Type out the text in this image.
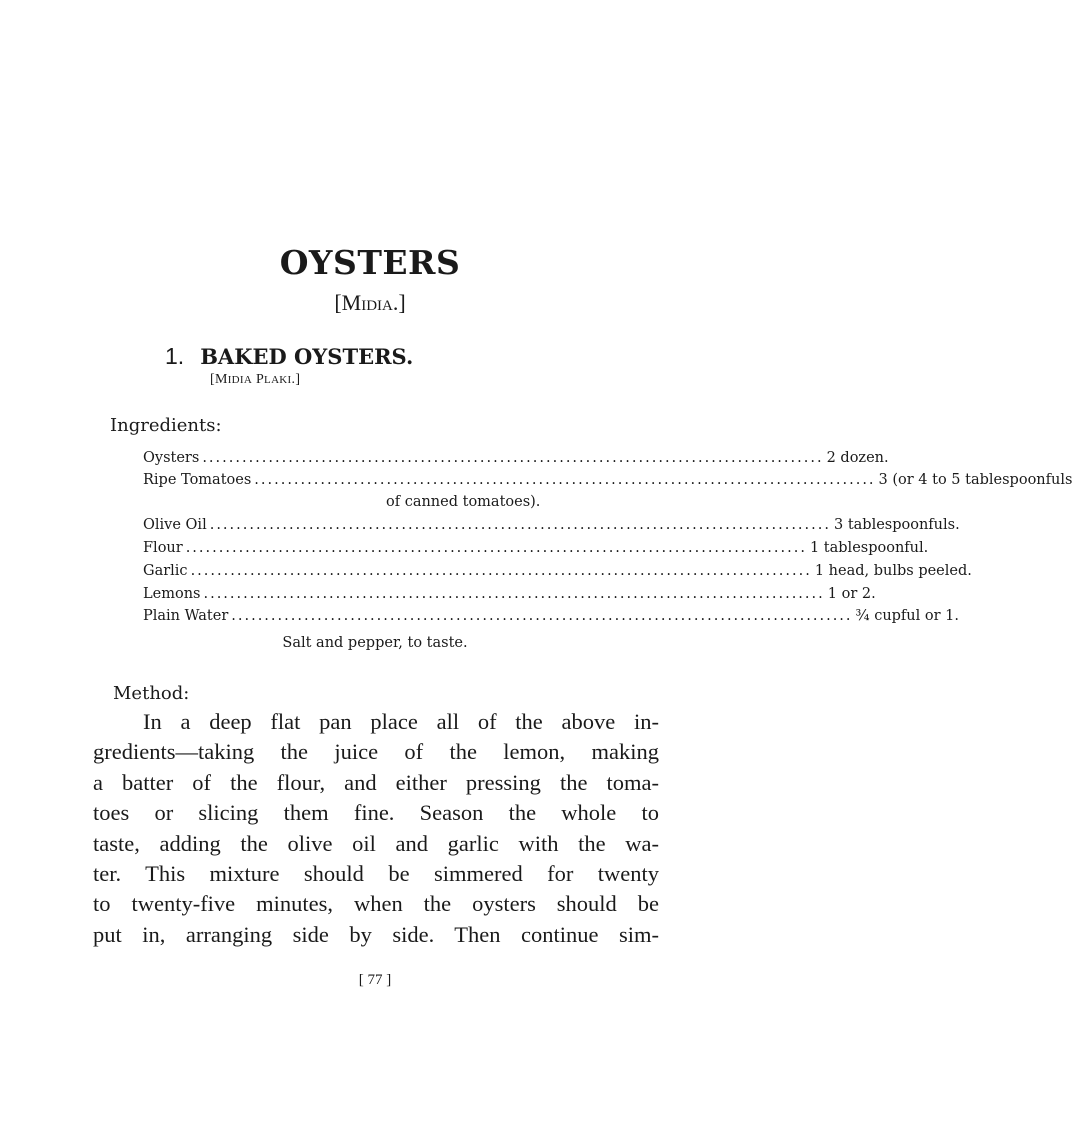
OYSTERS
[MIDIA.]
1. BAKED OYSTERS.
[MIDIA PLAKI.]
Ingredients:
Oysters .............................................................................................. 2 dozen.
Ripe Tomatoes .............................................................................................. 3 (or 4 to 5 tablespoonfuls
of canned tomatoes).
Olive Oil .............................................................................................. 3 tablespoonfuls.
Flour .............................................................................................. 1 tablespoonful.
Garlic .............................................................................................. 1 head, bulbs peeled.
Lemons .............................................................................................. 1 or 2.
Plain Water .............................................................................................. ¾ cupful or 1.
Salt and pepper, to taste.
Method:
In a deep flat pan place all of the above in-
gredients—taking the juice of the lemon, making
a batter of the flour, and either pressing the toma-
toes or slicing them fine. Season the whole to
taste, adding the olive oil and garlic with the wa-
ter. This mixture should be simmered for twenty
to twenty-five minutes, when the oysters should be
put in, arranging side by side. Then continue sim-
[ 77 ]
